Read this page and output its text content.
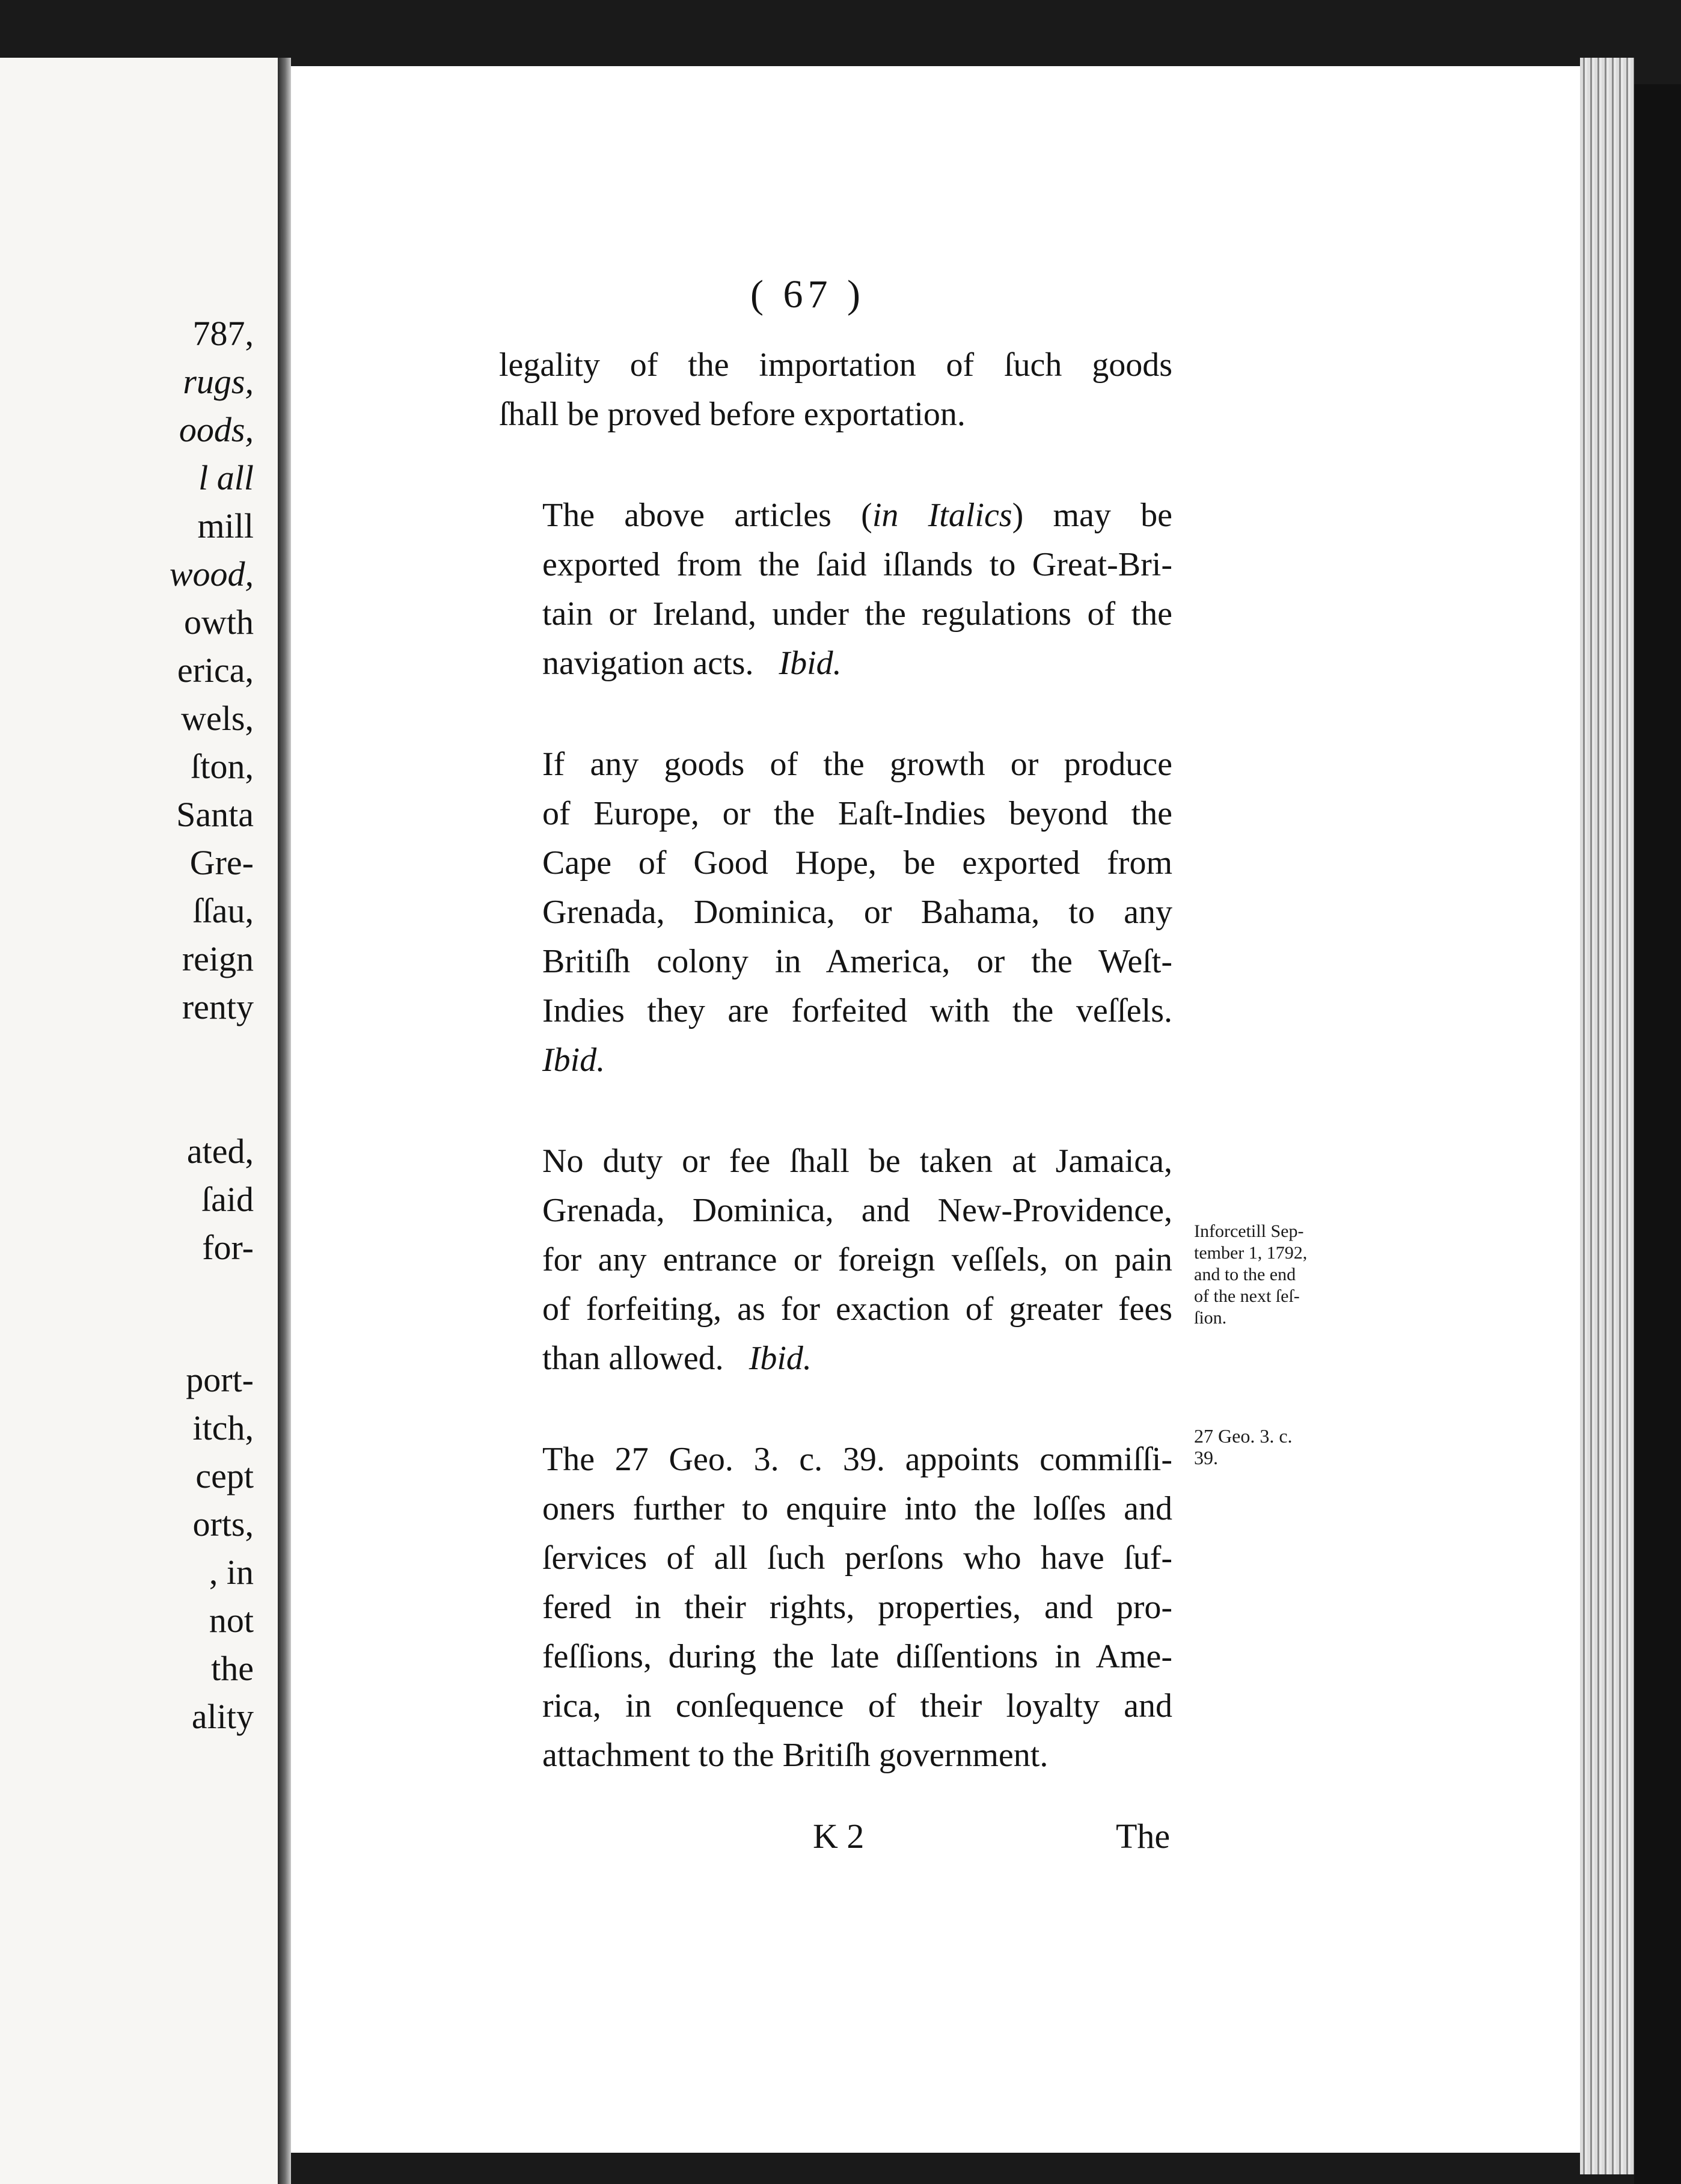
787,
rugs,
oods,
l all
mill
wood,
owth
erica,
wels,
ſton,
Santa
Gre-
ſſau,
reign
renty
ated,
ſaid
for-
port-
itch,
cept
orts,
, in
not
the
ality
( 67 )

legality of the importation of ſuch goods
ſhall be proved before exportation.

The above articles (in Italics) may be
exported from the ſaid iſlands to Great-Bri-
tain or Ireland, under the regulations of the
navigation acts. Ibid.

If any goods of the growth or produce
of Europe, or the Eaſt-Indies beyond the
Cape of Good Hope, be exported from
Grenada, Dominica, or Bahama, to any
Britiſh colony in America, or the Weſt-
Indies they are forfeited with the veſſels.
Ibid.

No duty or fee ſhall be taken at Jamaica,
Grenada, Dominica, and New-Providence,
for any entrance or foreign veſſels, on pain
of forfeiting, as for exaction of greater fees
than allowed. Ibid.

The 27 Geo. 3. c. 39. appoints commiſſi-
oners further to enquire into the loſſes and
ſervices of all ſuch perſons who have ſuf-
fered in their rights, properties, and pro-
feſſions, during the late diſſentions in Ame-
rica, in conſequence of their loyalty and
attachment to the Britiſh government.

Inforcetill Sep-
tember 1, 1792,
and to the end
of the next ſeſ-
ſion.
27 Geo. 3. c.
39.
K 2	The
